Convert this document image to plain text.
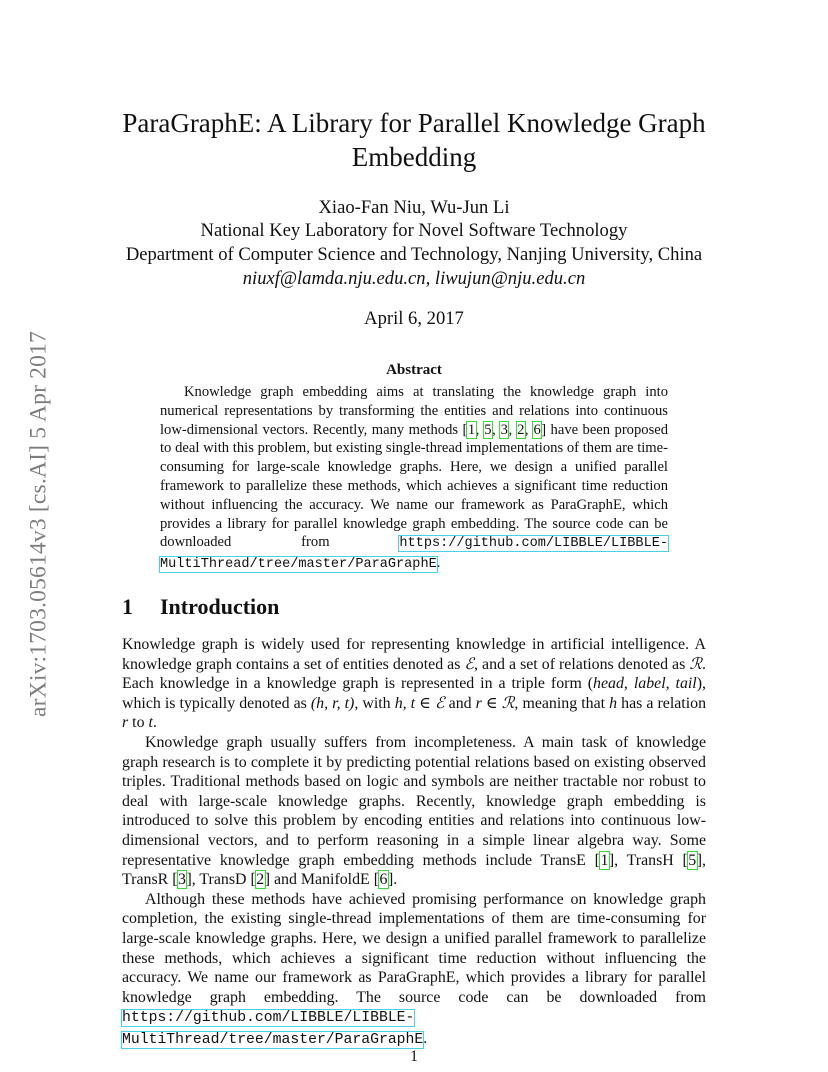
arXiv:1703.05614v3 [cs.AI] 5 Apr 2017
ParaGraphE: A Library for Parallel Knowledge Graph Embedding
Xiao-Fan Niu, Wu-Jun Li
National Key Laboratory for Novel Software Technology
Department of Computer Science and Technology, Nanjing University, China
niuxf@lamda.nju.edu.cn, liwujun@nju.edu.cn
April 6, 2017
Abstract

Knowledge graph embedding aims at translating the knowledge graph into numerical representations by transforming the entities and relations into continuous low-dimensional vectors. Recently, many methods [1, 5, 3, 2, 6] have been proposed to deal with this problem, but existing single-thread implementations of them are time-consuming for large-scale knowledge graphs. Here, we design a unified parallel framework to parallelize these methods, which achieves a significant time reduction without influencing the accuracy. We name our framework as ParaGraphE, which provides a library for parallel knowledge graph embedding. The source code can be downloaded from https://github.com/LIBBLE/LIBBLE-MultiThread/tree/master/ParaGraphE.

1 Introduction

Knowledge graph is widely used for representing knowledge in artificial intelligence. A knowledge graph contains a set of entities denoted as ℰ, and a set of relations denoted as ℛ. Each knowledge in a knowledge graph is represented in a triple form (head, label, tail), which is typically denoted as (h, r, t), with h, t ∈ ℰ and r ∈ ℛ, meaning that h has a relation r to t.

Knowledge graph usually suffers from incompleteness. A main task of knowledge graph research is to complete it by predicting potential relations based on existing observed triples. Traditional methods based on logic and symbols are neither tractable nor robust to deal with large-scale knowledge graphs. Recently, knowledge graph embedding is introduced to solve this problem by encoding entities and relations into continuous low-dimensional vectors, and to perform reasoning in a simple linear algebra way. Some representative knowledge graph embedding methods include TransE [1], TransH [5], TransR [3], TransD [2] and ManifoldE [6].

Although these methods have achieved promising performance on knowledge graph completion, the existing single-thread implementations of them are time-consuming for large-scale knowledge graphs. Here, we design a unified parallel framework to parallelize these methods, which achieves a significant time reduction without influencing the accuracy. We name our framework as ParaGraphE, which provides a library for parallel knowledge graph embedding. The source code can be downloaded from https://github.com/LIBBLE/LIBBLE-MultiThread/tree/master/ParaGraphE.

1
